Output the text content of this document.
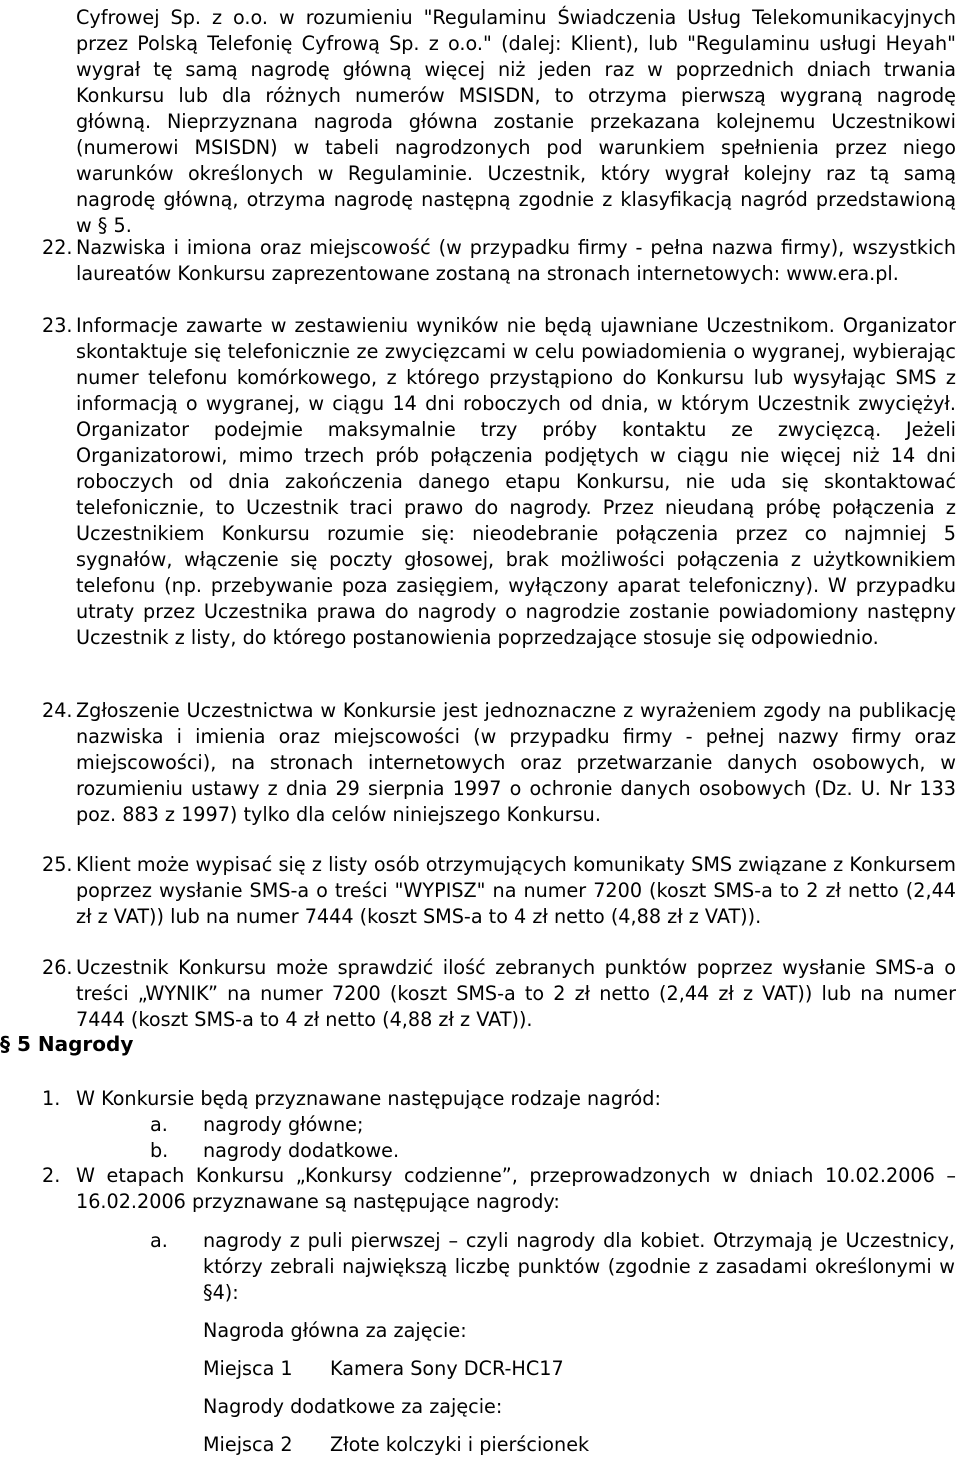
Cyfrowej Sp. z o.o. w rozumieniu "Regulaminu Świadczenia Usług Telekomunikacyjnych przez Polską Telefonię Cyfrową Sp. z o.o." (dalej: Klient), lub "Regulaminu usługi Heyah" wygrał tę samą nagrodę główną więcej niż jeden raz w poprzednich dniach trwania Konkursu lub dla różnych numerów MSISDN, to otrzyma pierwszą wygraną nagrodę główną. Nieprzyznana nagroda główna zostanie przekazana kolejnemu Uczestnikowi (numerowi MSISDN) w tabeli nagrodzonych pod warunkiem spełnienia przez niego warunków określonych w Regulaminie. Uczestnik, który wygrał kolejny raz tą samą nagrodę główną, otrzyma nagrodę następną zgodnie z klasyfikacją nagród przedstawioną w § 5.

22. Nazwiska i imiona oraz miejscowość (w przypadku firmy - pełna nazwa firmy), wszystkich laureatów Konkursu zaprezentowane zostaną na stronach internetowych: www.era.pl.

23. Informacje zawarte w zestawieniu wyników nie będą ujawniane Uczestnikom. Organizator skontaktuje się telefonicznie ze zwycięzcami w celu powiadomienia o wygranej, wybierając numer telefonu komórkowego, z którego przystąpiono do Konkursu lub wysyłając SMS z informacją o wygranej, w ciągu 14 dni roboczych od dnia, w którym Uczestnik zwyciężył. Organizator podejmie maksymalnie trzy próby kontaktu ze zwycięzcą. Jeżeli Organizatorowi, mimo trzech prób połączenia podjętych w ciągu nie więcej niż 14 dni roboczych od dnia zakończenia danego etapu Konkursu, nie uda się skontaktować telefonicznie, to Uczestnik traci prawo do nagrody. Przez nieudaną próbę połączenia z Uczestnikiem Konkursu rozumie się: nieodebranie połączenia przez co najmniej 5 sygnałów, włączenie się poczty głosowej, brak możliwości połączenia z użytkownikiem telefonu (np. przebywanie poza zasięgiem, wyłączony aparat telefoniczny). W przypadku utraty przez Uczestnika prawa do nagrody o nagrodzie zostanie powiadomiony następny Uczestnik z listy, do którego postanowienia poprzedzające stosuje się odpowiednio.

24. Zgłoszenie Uczestnictwa w Konkursie jest jednoznaczne z wyrażeniem zgody na publikację nazwiska i imienia oraz miejscowości (w przypadku firmy - pełnej nazwy firmy oraz miejscowości), na stronach internetowych oraz przetwarzanie danych osobowych, w rozumieniu ustawy z dnia 29 sierpnia 1997 o ochronie danych osobowych (Dz. U. Nr 133 poz. 883 z 1997) tylko dla celów niniejszego Konkursu.

25. Klient może wypisać się z listy osób otrzymujących komunikaty SMS związane z Konkursem poprzez wysłanie SMS-a o treści "WYPISZ" na numer 7200 (koszt SMS-a to 2 zł netto (2,44 zł z VAT)) lub na numer 7444 (koszt SMS-a to 4 zł netto (4,88 zł z VAT)).

26. Uczestnik Konkursu może sprawdzić ilość zebranych punktów poprzez wysłanie SMS-a o treści „WYNIK” na numer 7200 (koszt SMS-a to 2 zł netto (2,44 zł z VAT)) lub na numer 7444 (koszt SMS-a to 4 zł netto (4,88 zł z VAT)).

§ 5 Nagrody
1. W Konkursie będą przyznawane następujące rodzaje nagród:

a. nagrody główne;
b. nagrody dodatkowe.
2. W etapach Konkursu „Konkursy codzienne”, przeprowadzonych w dniach 10.02.2006 – 16.02.2006 przyznawane są następujące nagrody:

a. nagrody z puli pierwszej – czyli nagrody dla kobiet. Otrzymają je Uczestnicy, którzy zebrali największą liczbę punktów (zgodnie z zasadami określonymi w §4):

Nagroda główna za zajęcie:
Miejsca 1 Kamera Sony DCR-HC17
Nagrody dodatkowe za zajęcie:
Miejsca 2 Złote kolczyki i pierścionek
